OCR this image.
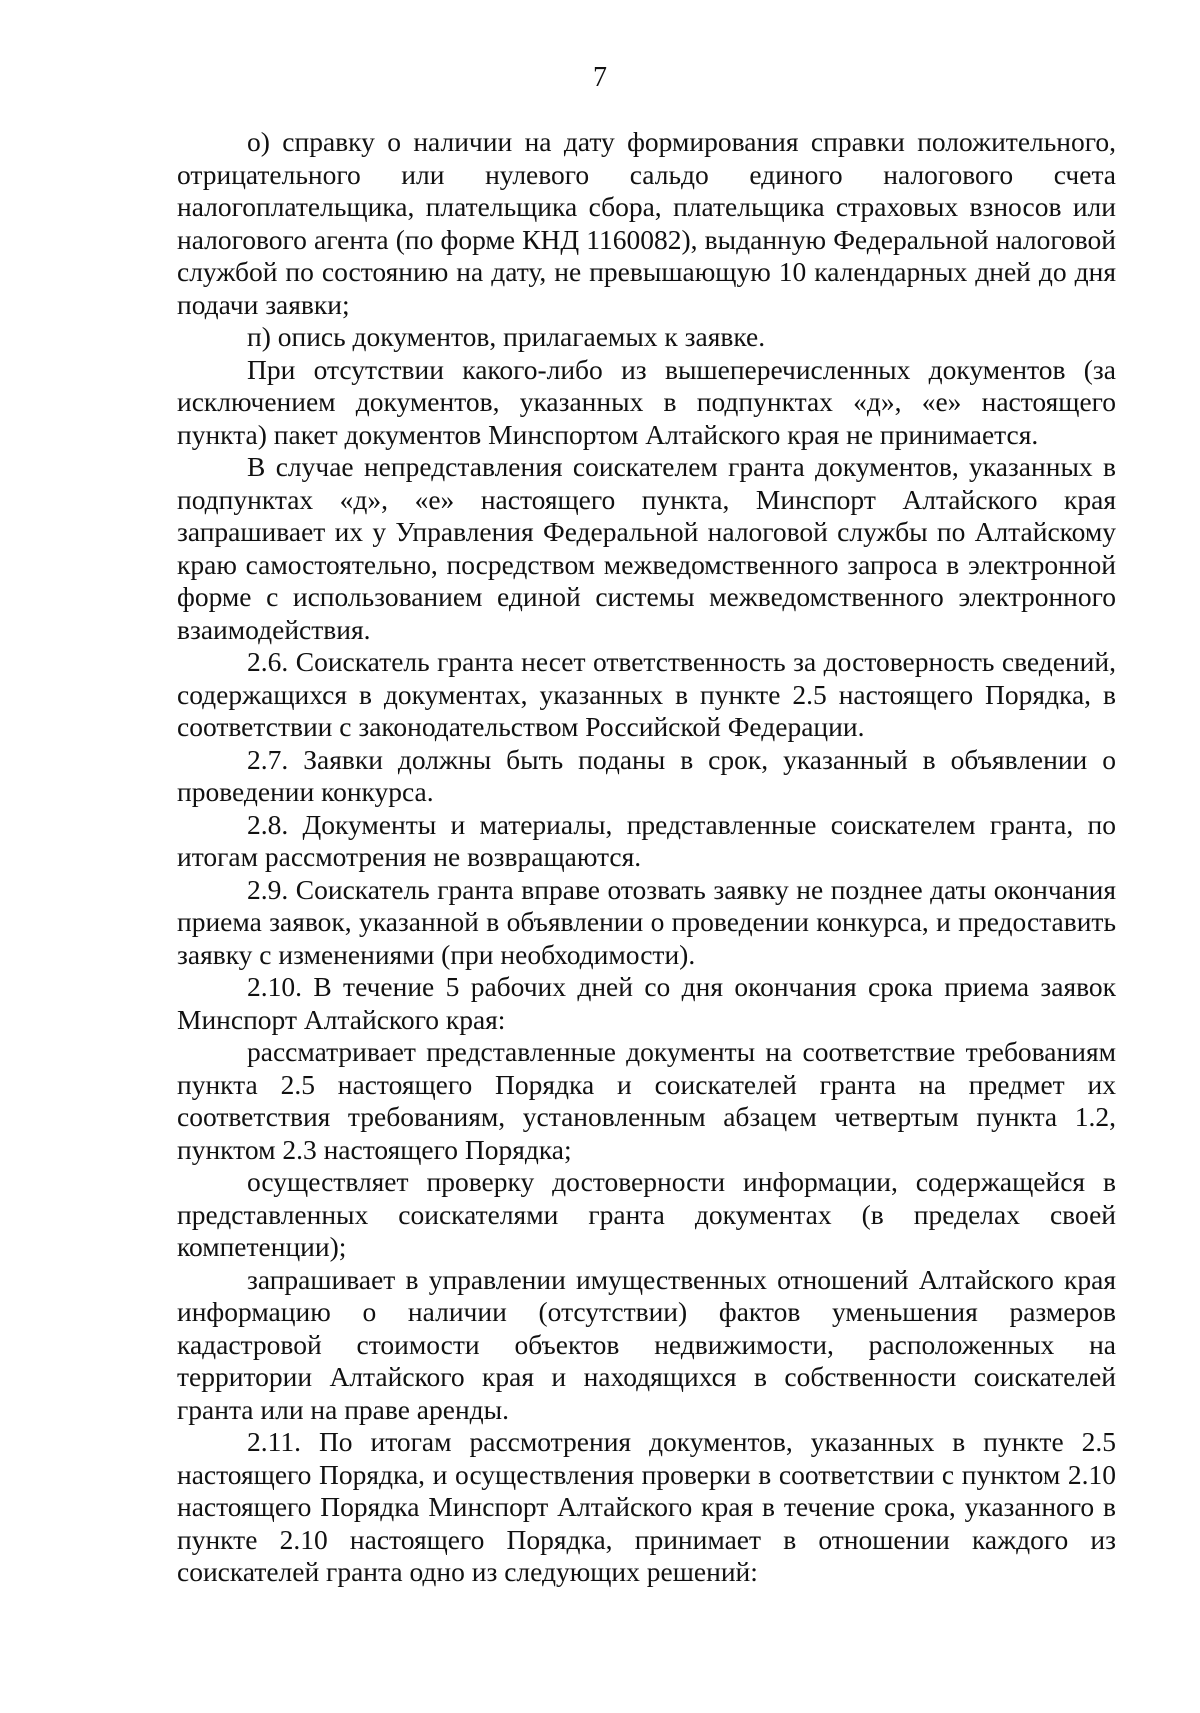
7

о) справку о наличии на дату формирования справки положительного, отрицательного или нулевого сальдо единого налогового счета налогоплательщика, плательщика сбора, плательщика страховых взносов или налогового агента (по форме КНД 1160082), выданную Федеральной налоговой службой по состоянию на дату, не превышающую 10 календарных дней до дня подачи заявки;

п) опись документов, прилагаемых к заявке.

При отсутствии какого-либо из вышеперечисленных документов (за исключением документов, указанных в подпунктах «д», «е» настоящего пункта) пакет документов Минспортом Алтайского края не принимается.

В случае непредставления соискателем гранта документов, указанных в подпунктах «д», «е» настоящего пункта, Минспорт Алтайского края запрашивает их у Управления Федеральной налоговой службы по Алтайскому краю самостоятельно, посредством межведомственного запроса в электронной форме с использованием единой системы межведомственного электронного взаимодействия.

2.6. Соискатель гранта несет ответственность за достоверность сведений, содержащихся в документах, указанных в пункте 2.5 настоящего Порядка, в соответствии с законодательством Российской Федерации.

2.7. Заявки должны быть поданы в срок, указанный в объявлении о проведении конкурса.

2.8. Документы и материалы, представленные соискателем гранта, по итогам рассмотрения не возвращаются.

2.9. Соискатель гранта вправе отозвать заявку не позднее даты окончания приема заявок, указанной в объявлении о проведении конкурса, и предоставить заявку с изменениями (при необходимости).

2.10. В течение 5 рабочих дней со дня окончания срока приема заявок Минспорт Алтайского края:

рассматривает представленные документы на соответствие требованиям пункта 2.5 настоящего Порядка и соискателей гранта на предмет их соответствия требованиям, установленным абзацем четвертым пункта 1.2, пунктом 2.3 настоящего Порядка;

осуществляет проверку достоверности информации, содержащейся в представленных соискателями гранта документах (в пределах своей компетенции);

запрашивает в управлении имущественных отношений Алтайского края информацию о наличии (отсутствии) фактов уменьшения размеров кадастровой стоимости объектов недвижимости, расположенных на территории Алтайского края и находящихся в собственности соискателей гранта или на праве аренды.

2.11. По итогам рассмотрения документов, указанных в пункте 2.5 настоящего Порядка, и осуществления проверки в соответствии с пунктом 2.10 настоящего Порядка Минспорт Алтайского края в течение срока, указанного в пункте 2.10 настоящего Порядка, принимает в отношении каждого из соискателей гранта одно из следующих решений:
